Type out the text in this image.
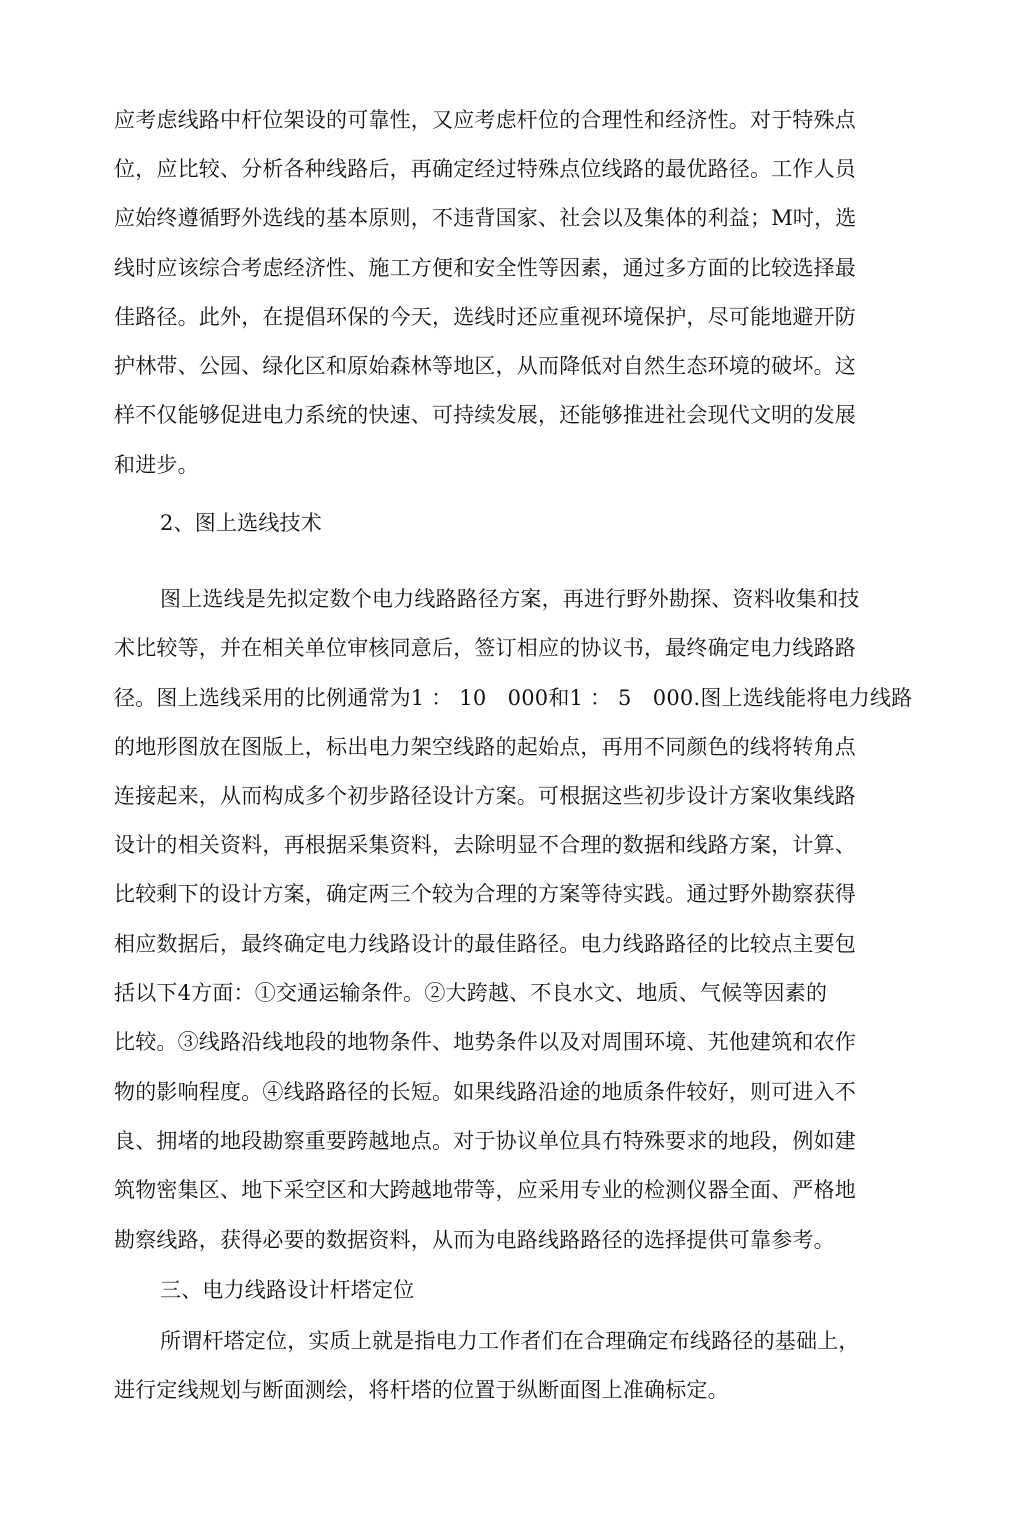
应考虑线路中杆位架设的可靠性，又应考虑杆位的合理性和经济性。对于特殊点
位，应比较、分析各种线路后，再确定经过特殊点位线路的最优路径。工作人员
应始终遵循野外选线的基本原则，不违背国家、社会以及集体的利益；M吋，选
线时应该综合考虑经济性、施工方便和安全性等因素，通过多方面的比较选择最
佳路径。此外，在提倡环保的今天，选线时还应重视环境保护，尽可能地避开防
护林带、公园、绿化区和原始森林等地区，从而降低对自然生态环境的破坏。这
样不仅能够促进电力系统的快速、可持续发展，还能够推进社会现代文明的发展
和进步。
2、图上选线技术
图上选线是先拟定数个电力线路路径方案，再进行野外勘探、资料收集和技
术比较等，并在相关单位审核同意后，签订相应的协议书，最终确定电力线路路
径。图上选线采用的比例通常为1 ： 10　000和1 ： 5　000.图上选线能将电力线路
的地形图放在图版上，标出电力架空线路的起始点，再用不同颜色的线将转角点
连接起来，从而构成多个初步路径设计方案。可根据这些初步设计方案收集线路
设计的相关资料，再根据采集资料，去除明显不合理的数据和线路方案，计算、
比较剩下的设计方案，确定两三个较为合理的方案等待实践。通过野外勘察获得
相应数据后，最终确定电力线路设计的最佳路径。电力线路路径的比较点主要包
括以下4方面：①交通运输条件。②大跨越、不良水文、地质、气候等因素的
比较。③线路沿线地段的地物条件、地势条件以及对周围环境、艽他建筑和农作
物的影响程度。④线路路径的长短。如果线路沿途的地质条件较好，则可进入不
良、拥堵的地段勘察重要跨越地点。对于协议单位具冇特殊要求的地段，例如建
筑物密集区、地下采空区和大跨越地带等，应采用专业的检测仪器全面、严格地
勘察线路，获得必要的数据资料，从而为电路线路路径的选择提供可靠参考。
三、电力线路设计杆塔定位
所谓杆塔定位，实质上就是指电力工作者们在合理确定布线路径的基础上，
进行定线规划与断面测绘，将杆塔的位置于纵断面图上准确标定。
